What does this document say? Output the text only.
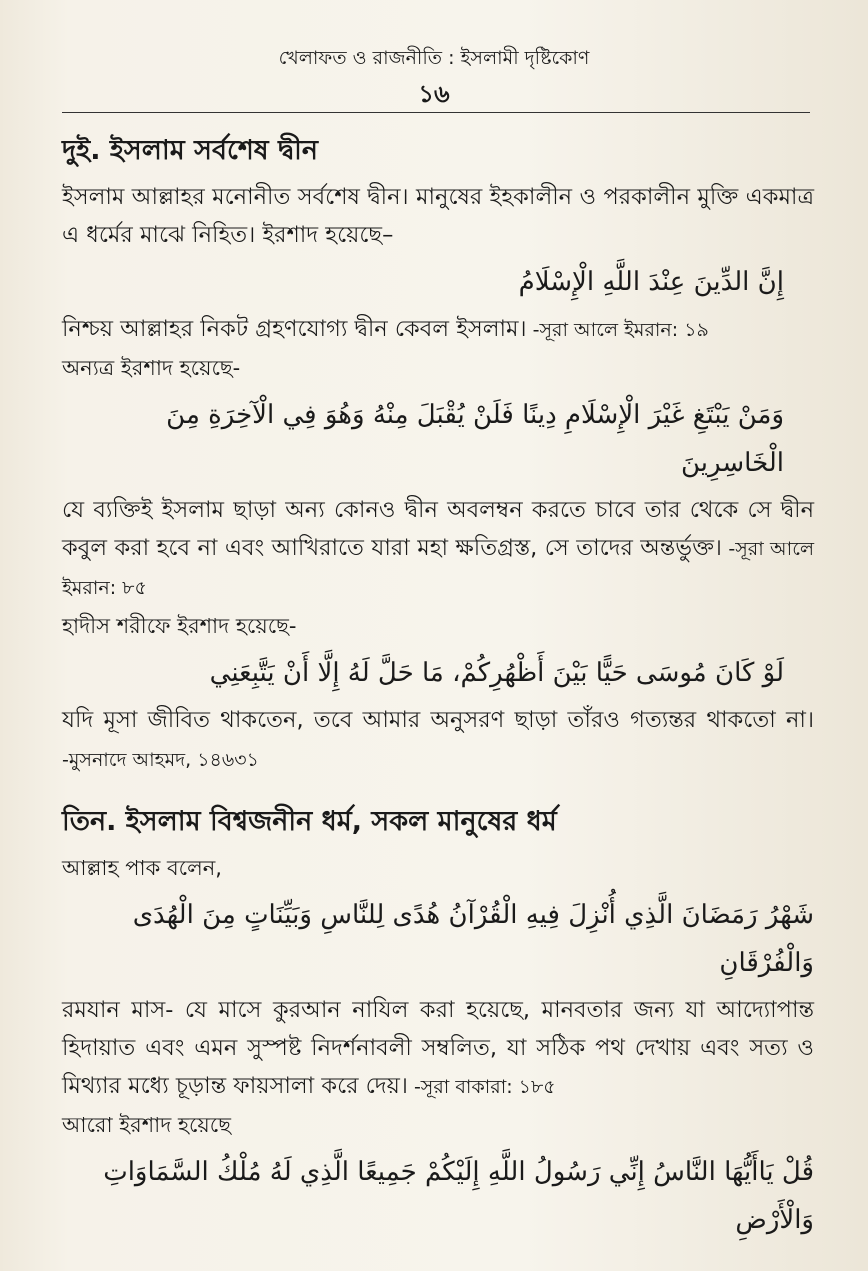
খেলাফত ও রাজনীতি : ইসলামী দৃষ্টিকোণ
১৬
দুই. ইসলাম সর্বশেষ দ্বীন

ইসলাম আল্লাহর মনোনীত সর্বশেষ দ্বীন। মানুষের ইহকালীন ও পরকালীন মুক্তি একমাত্র এ ধর্মের মাঝে নিহিত। ইরশাদ হয়েছে–

إِنَّ الدِّينَ عِنْدَ اللَّهِ الْإِسْلَامُ

নিশ্চয় আল্লাহর নিকট গ্রহণযোগ্য দ্বীন কেবল ইসলাম। -সূরা আলে ইমরান: ১৯

অন্যত্র ইরশাদ হয়েছে-

وَمَنْ يَبْتَغِ غَيْرَ الْإِسْلَامِ دِينًا فَلَنْ يُقْبَلَ مِنْهُ وَهُوَ فِي الْآخِرَةِ مِنَ الْخَاسِرِينَ

যে ব্যক্তিই ইসলাম ছাড়া অন্য কোনও দ্বীন অবলম্বন করতে চাবে তার থেকে সে দ্বীন কবুল করা হবে না এবং আখিরাতে যারা মহা ক্ষতিগ্রস্ত, সে তাদের অন্তর্ভুক্ত। -সূরা আলে ইমরান: ৮৫

হাদীস শরীফে ইরশাদ হয়েছে-

لَوْ كَانَ مُوسَى حَيًّا بَيْنَ أَظْهُرِكُمْ، مَا حَلَّ لَهُ إِلَّا أَنْ يَتَّبِعَنِي

যদি মূসা জীবিত থাকতেন, তবে আমার অনুসরণ ছাড়া তাঁরও গত্যন্তর থাকতো না। -মুসনাদে আহমদ, ১৪৬৩১

তিন. ইসলাম বিশ্বজনীন ধর্ম, সকল মানুষের ধর্ম

আল্লাহ পাক বলেন,

شَهْرُ رَمَضَانَ الَّذِي أُنْزِلَ فِيهِ الْقُرْآنُ هُدًى لِلنَّاسِ وَبَيِّنَاتٍ مِنَ الْهُدَى وَالْفُرْقَانِ

রমযান মাস- যে মাসে কুরআন নাযিল করা হয়েছে, মানবতার জন্য যা আদ্যোপান্ত হিদায়াত এবং এমন সুস্পষ্ট নিদর্শনাবলী সম্বলিত, যা সঠিক পথ দেখায় এবং সত্য ও মিথ্যার মধ্যে চূড়ান্ত ফায়সালা করে দেয়। -সূরা বাকারা: ১৮৫

আরো ইরশাদ হয়েছে

قُلْ يَاأَيُّهَا النَّاسُ إِنِّي رَسُولُ اللَّهِ إِلَيْكُمْ جَمِيعًا الَّذِي لَهُ مُلْكُ السَّمَاوَاتِ وَالْأَرْضِ
